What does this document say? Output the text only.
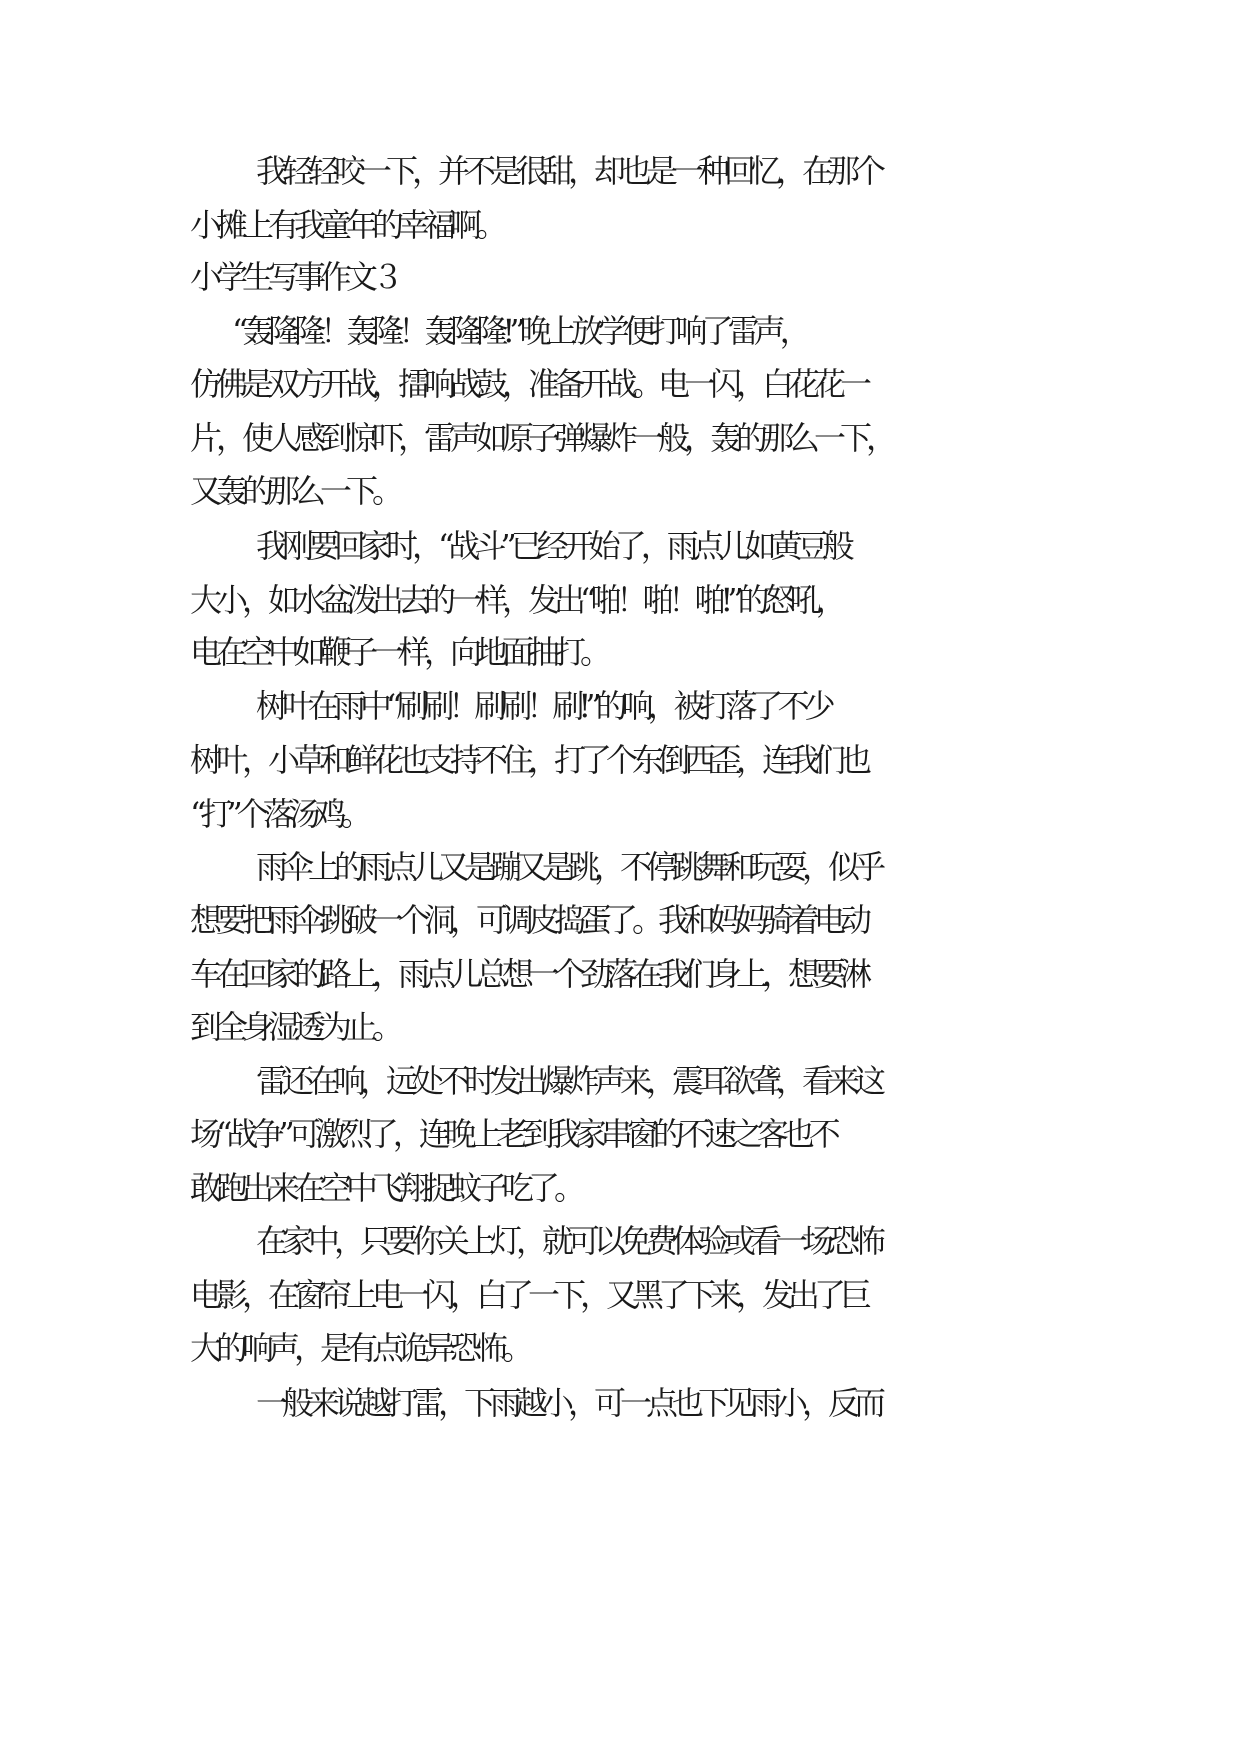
我轻轻咬一下，并不是很甜，却也是一种回忆，在那个

小摊上有我童年的幸福啊。

小学生写事作文３

“轰隆隆！轰隆！轰隆隆!”晚上放学便打响了雷声，

仿佛是双方开战，擂响战鼓，准备开战。电一闪，白花花一

片，使人感到惊吓，雷声如原子弹爆炸一般，轰的那么一下，

又轰的那么一下。

我刚要回家时，“战斗”已经开始了，雨点儿如黄豆般

大小，如水盆泼出去的一样，发出“啪！啪！啪!”的怒吼，

电在空中如鞭子一样，向地面抽打。

树叶在雨中“刷刷！刷刷！刷!”的响，被打落了不少

树叶，小草和鲜花也支持不住，打了个东倒西歪，连我们也

“打”个落汤鸡。

雨伞上的雨点儿又是蹦又是跳，不停跳舞和玩耍，似乎

想要把雨伞跳破一个洞，可调皮捣蛋了。我和妈妈骑着电动

车在回家的路上，雨点儿总想一个劲落在我们身上，想要淋

到全身湿透为止。

雷还在响，远处不时发出爆炸声来，震耳欲聋，看来这

场“战争”可激烈了，连晚上老到我家串窗的不速之客也不

敢跑出来在空中飞翔捉蚊子吃了。

在家中，只要你关上灯，就可以免费体验或看一场恐怖

电影，在窗帘上电一闪，白了一下，又黑了下来，发出了巨

大的响声，是有点诡异恐怖。

一般来说越打雷，下雨越小，可一点也下见雨小，反而
